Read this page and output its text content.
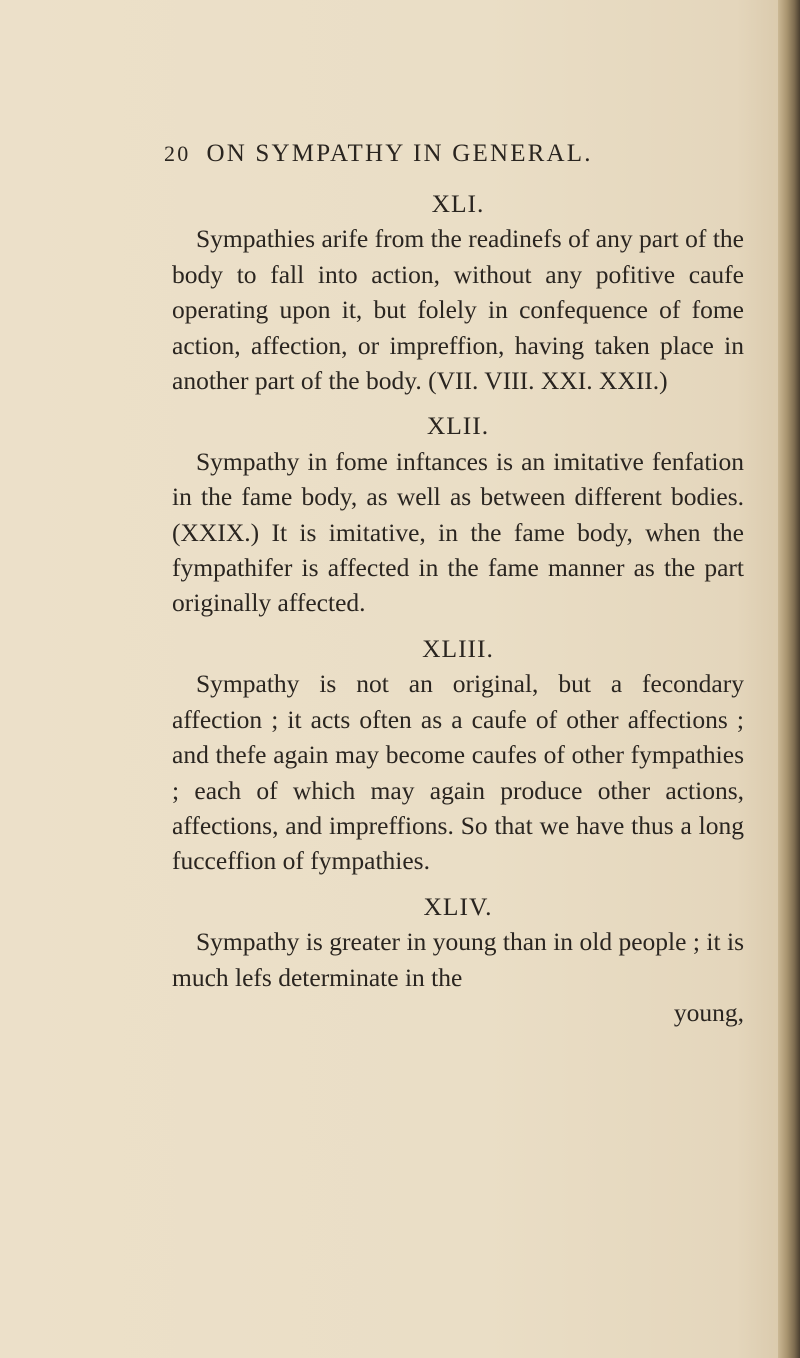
20 ON SYMPATHY IN GENERAL.
XLI.

Sympathies arife from the readinefs of any part of the body to fall into action, without any pofitive caufe operating upon it, but folely in confequence of fome action, affection, or impreffion, having taken place in another part of the body. (VII. VIII. XXI. XXII.)

XLII.

Sympathy in fome inftances is an imitative fenfation in the fame body, as well as between different bodies. (XXIX.) It is imitative, in the fame body, when the fympathifer is affected in the fame manner as the part originally affected.

XLIII.

Sympathy is not an original, but a fecondary affection ; it acts often as a caufe of other affections ; and thefe again may become caufes of other fympathies ; each of which may again produce other actions, affections, and impreffions. So that we have thus a long fucceffion of fympathies.

XLIV.

Sympathy is greater in young than in old people ; it is much lefs determinate in the

young,
